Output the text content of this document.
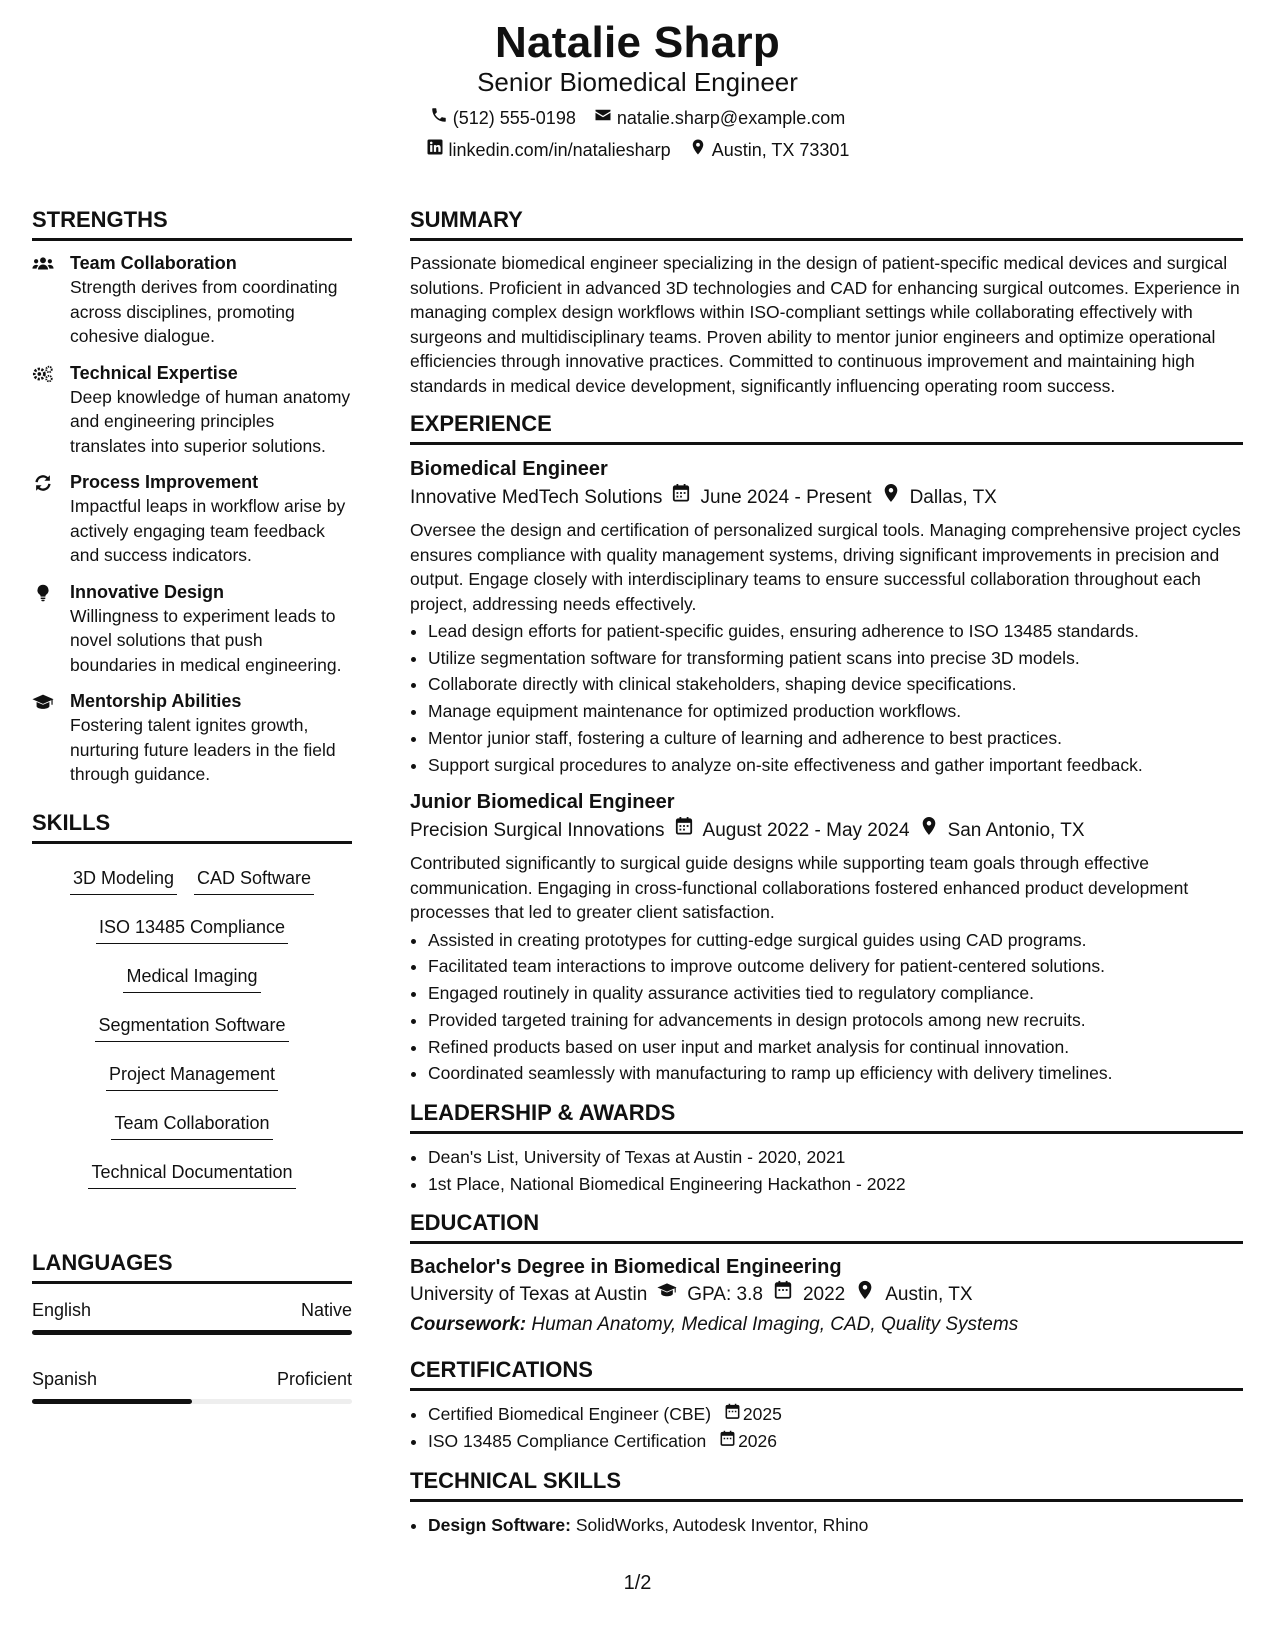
Natalie Sharp
Senior Biomedical Engineer
(512) 555-0198 natalie.sharp@example.com
linkedin.com/in/nataliesharp Austin, TX 73301
STRENGTHS
Team Collaboration
Strength derives from coordinating across disciplines, promoting cohesive dialogue.
Technical Expertise
Deep knowledge of human anatomy and engineering principles translates into superior solutions.
Process Improvement
Impactful leaps in workflow arise by actively engaging team feedback and success indicators.
Innovative Design
Willingness to experiment leads to novel solutions that push boundaries in medical engineering.
Mentorship Abilities
Fostering talent ignites growth, nurturing future leaders in the field through guidance.
SKILLS
3D Modeling CAD Software
ISO 13485 Compliance
Medical Imaging
Segmentation Software
Project Management
Team Collaboration
Technical Documentation
LANGUAGES
English	Native
Spanish	Proficient
SUMMARY
Passionate biomedical engineer specializing in the design of patient-specific medical devices and surgical solutions. Proficient in advanced 3D technologies and CAD for enhancing surgical outcomes. Experience in managing complex design workflows within ISO-compliant settings while collaborating effectively with surgeons and multidisciplinary teams. Proven ability to mentor junior engineers and optimize operational efficiencies through innovative practices. Committed to continuous improvement and maintaining high standards in medical device development, significantly influencing operating room success.
EXPERIENCE
Biomedical Engineer
Innovative MedTech Solutions June 2024 - Present Dallas, TX
Oversee the design and certification of personalized surgical tools. Managing comprehensive project cycles ensures compliance with quality management systems, driving significant improvements in precision and output. Engage closely with interdisciplinary teams to ensure successful collaboration throughout each project, addressing needs effectively.
• Lead design efforts for patient-specific guides, ensuring adherence to ISO 13485 standards.
• Utilize segmentation software for transforming patient scans into precise 3D models.
• Collaborate directly with clinical stakeholders, shaping device specifications.
• Manage equipment maintenance for optimized production workflows.
• Mentor junior staff, fostering a culture of learning and adherence to best practices.
• Support surgical procedures to analyze on-site effectiveness and gather important feedback.
Junior Biomedical Engineer
Precision Surgical Innovations August 2022 - May 2024 San Antonio, TX
Contributed significantly to surgical guide designs while supporting team goals through effective communication. Engaging in cross-functional collaborations fostered enhanced product development processes that led to greater client satisfaction.
• Assisted in creating prototypes for cutting-edge surgical guides using CAD programs.
• Facilitated team interactions to improve outcome delivery for patient-centered solutions.
• Engaged routinely in quality assurance activities tied to regulatory compliance.
• Provided targeted training for advancements in design protocols among new recruits.
• Refined products based on user input and market analysis for continual innovation.
• Coordinated seamlessly with manufacturing to ramp up efficiency with delivery timelines.
LEADERSHIP & AWARDS
• Dean's List, University of Texas at Austin - 2020, 2021
• 1st Place, National Biomedical Engineering Hackathon - 2022
EDUCATION
Bachelor's Degree in Biomedical Engineering
University of Texas at Austin GPA: 3.8 2022 Austin, TX
Coursework: Human Anatomy, Medical Imaging, CAD, Quality Systems
CERTIFICATIONS
• Certified Biomedical Engineer (CBE) 2025
• ISO 13485 Compliance Certification 2026
TECHNICAL SKILLS
• Design Software: SolidWorks, Autodesk Inventor, Rhino
1/2
